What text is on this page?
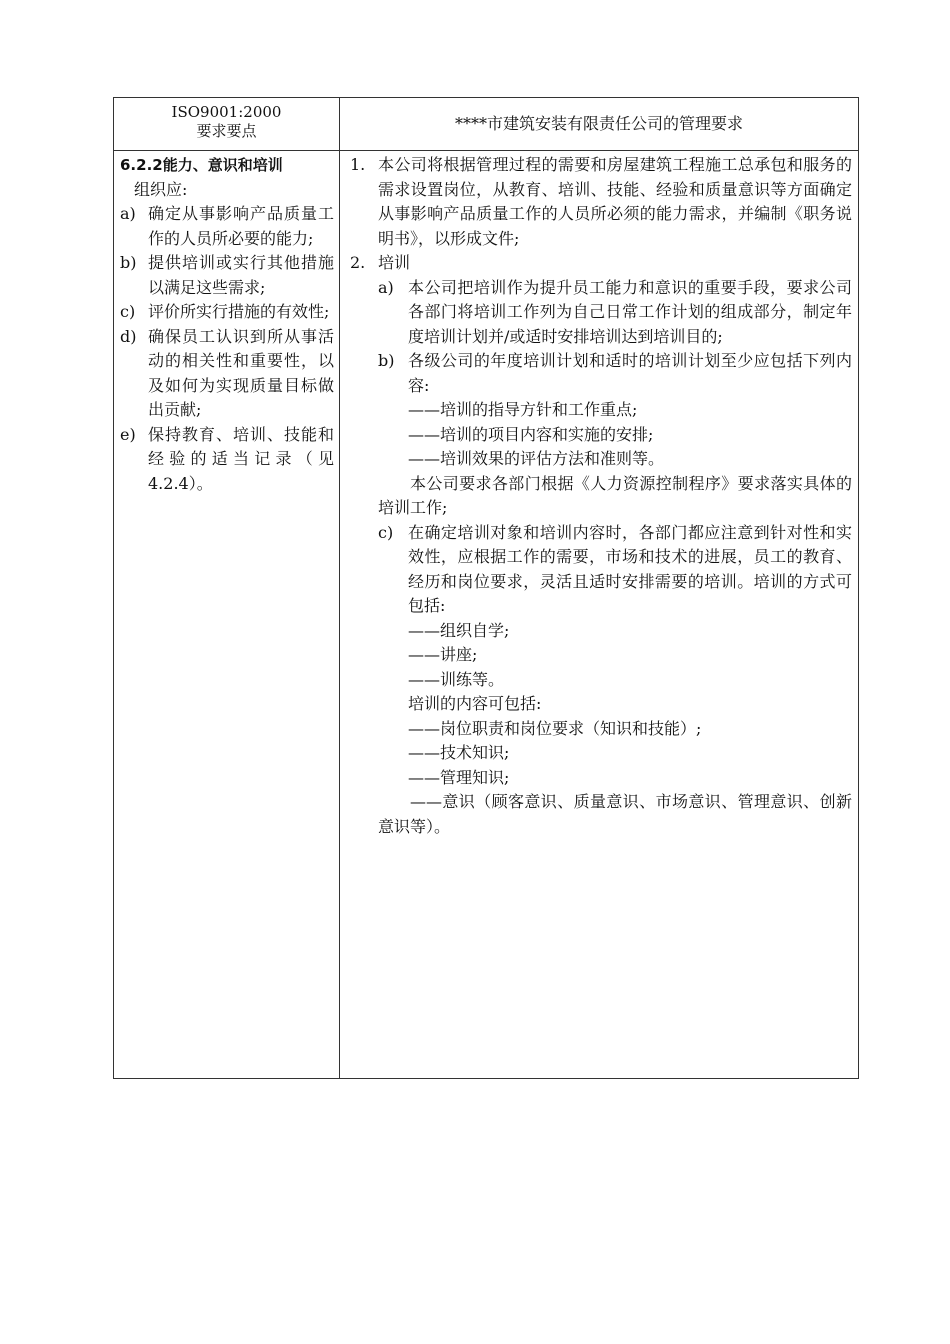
ISO9001:2000
要求要点	****市建筑安装有限责任公司的管理要求
6.2.2能力、意识和培训
组织应:
a) 确定从事影响产品质量工作的人员所必要的能力;
b) 提供培训或实行其他措施以满足这些需求;
c) 评价所实行措施的有效性;
d) 确保员工认识到所从事活动的相关性和重要性，以及如何为实现质量目标做出贡献;
e) 保持教育、培训、技能和经验的适当记录（见4.2.4）。
1. 本公司将根据管理过程的需要和房屋建筑工程施工总承包和服务的需求设置岗位，从教育、培训、技能、经验和质量意识等方面确定从事影响产品质量工作的人员所必须的能力需求，并编制《职务说明书》，以形成文件;
2. 培训
a) 本公司把培训作为提升员工能力和意识的重要手段，要求公司各部门将培训工作列为自己日常工作计划的组成部分，制定年度培训计划并/或适时安排培训达到培训目的;
b) 各级公司的年度培训计划和适时的培训计划至少应包括下列内容:
——培训的指导方针和工作重点;
——培训的项目内容和实施的安排;
——培训效果的评估方法和准则等。
本公司要求各部门根据《人力资源控制程序》要求落实具体的培训工作;
c) 在确定培训对象和培训内容时，各部门都应注意到针对性和实效性，应根据工作的需要，市场和技术的进展，员工的教育、经历和岗位要求，灵活且适时安排需要的培训。培训的方式可包括:
——组织自学;
——讲座;
——训练等。
培训的内容可包括:
——岗位职责和岗位要求（知识和技能）;
——技术知识;
——管理知识;
——意识（顾客意识、质量意识、市场意识、管理意识、创新意识等）。
